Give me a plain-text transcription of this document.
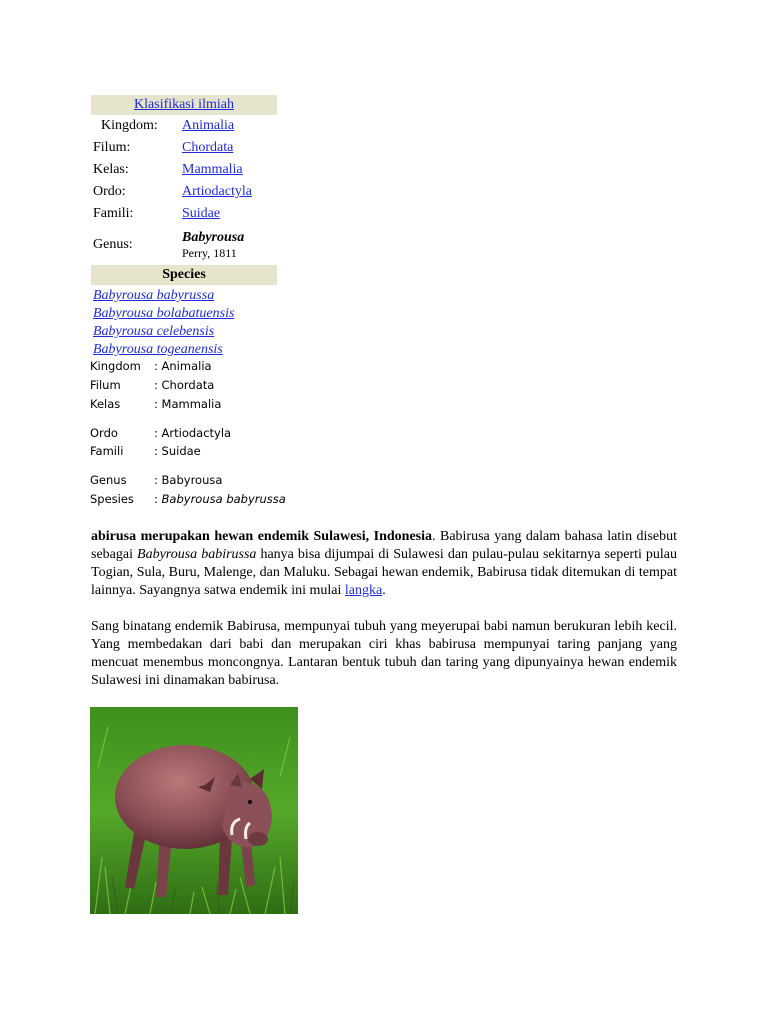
Klasifikasi ilmiah
Kingdom:	Animalia
Filum:	Chordata
Kelas:	Mammalia
Ordo:	Artiodactyla
Famili:	Suidae
Genus:	Babyrousa
Perry, 1811
Species
Babyrousa babyrussa
Babyrousa bolabatuensis
Babyrousa celebensis
Babyrousa togeanensis
Kingdom : Animalia
Filum	: Chordata
Kelas	: Mammalia
Ordo	: Artiodactyla
Famili	: Suidae
Genus : Babyrousa
Spesies : Babyrousa babyrussa
abirusa merupakan hewan endemik Sulawesi, Indonesia. Babirusa yang dalam bahasa latin disebut sebagai Babyrousa babirussa hanya bisa dijumpai di Sulawesi dan pulau-pulau sekitarnya seperti pulau Togian, Sula, Buru, Malenge, dan Maluku. Sebagai hewan endemik, Babirusa tidak ditemukan di tempat lainnya. Sayangnya satwa endemik ini mulai langka.
Sang binatang endemik Babirusa, mempunyai tubuh yang meyerupai babi namun berukuran lebih kecil. Yang membedakan dari babi dan merupakan ciri khas babirusa mempunyai taring panjang yang mencuat menembus moncongnya. Lantaran bentuk tubuh dan taring yang dipunyainya hewan endemik Sulawesi ini dinamakan babirusa.
